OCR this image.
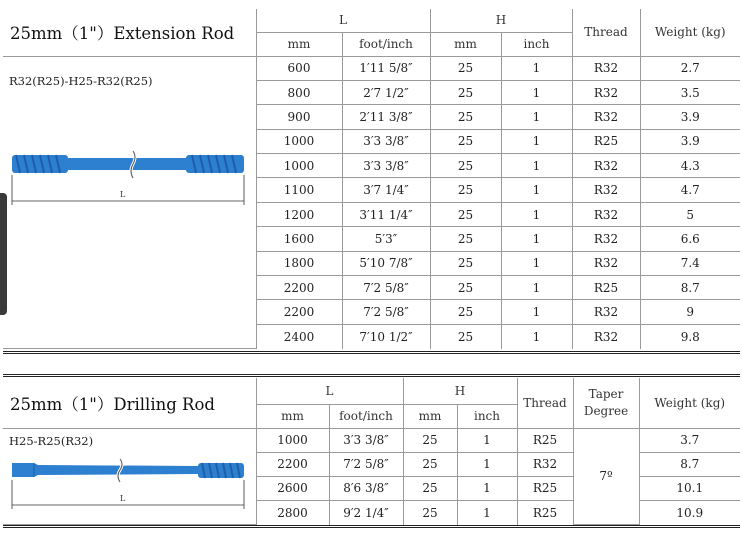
25mm（1"）Extension Rod	L		H		Thread	Weight (kg)
	mm	foot/inch	mm	inch		

R32(R25)-H25-R32(R25)
L	600	1′11 5/8″	25	1	R32	2.7
	800	2′7 1/2″	25	1	R32	3.5
	900	2′11 3/8″	25	1	R32	3.9
	1000	3′3 3/8″	25	1	R25	3.9
	1000	3′3 3/8″	25	1	R32	4.3
	1100	3′7 1/4″	25	1	R32	4.7
	1200	3′11 1/4″	25	1	R32	5
	1600	5′3″	25	1	R32	6.6
	1800	5′10 7/8″	25	1	R32	7.4
	2200	7′2 5/8″	25	1	R25	8.7
	2200	7′2 5/8″	25	1	R32	9
	2400	7′10 1/2″	25	1	R32	9.8
25mm（1"）Drilling Rod	L		H		Thread	Taper
Degree	Weight (kg)
	mm	foot/inch	mm	inch			

H25-R25(R32)
L	1000	3′3 3/8″	25	1	R25	7º	3.7
	2200	7′2 5/8″	25	1	R32		8.7
	2600	8′6 3/8″	25	1	R25		10.1
	2800	9′2 1/4″	25	1	R25		10.9
